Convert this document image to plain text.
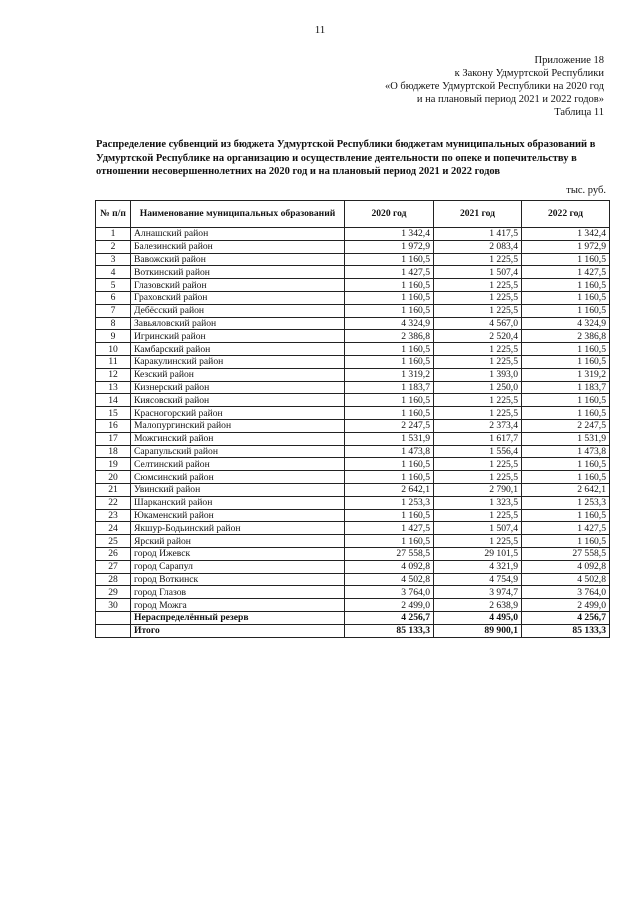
11
Приложение 18
к Закону Удмуртской Республики
«О бюджете Удмуртской Республики на 2020 год
и на плановый период 2021 и 2022 годов»
Таблица 11
Распределение субвенций из бюджета Удмуртской Республики бюджетам муниципальных образований в Удмуртской Республике на организацию и осуществление деятельности по опеке и попечительству в отношении несовершеннолетних на 2020 год и на плановый период 2021 и 2022 годов
тыс. руб.
№ п/п	Наименование муниципальных образований	2020 год	2021 год	2022 год
1	Алнашский район	1 342,4	1 417,5	1 342,4
2	Балезинский район	1 972,9	2 083,4	1 972,9
3	Вавожский район	1 160,5	1 225,5	1 160,5
4	Воткинский район	1 427,5	1 507,4	1 427,5
5	Глазовский район	1 160,5	1 225,5	1 160,5
6	Граховский район	1 160,5	1 225,5	1 160,5
7	Дебёсский район	1 160,5	1 225,5	1 160,5
8	Завьяловский район	4 324,9	4 567,0	4 324,9
9	Игринский район	2 386,8	2 520,4	2 386,8
10	Камбарский район	1 160,5	1 225,5	1 160,5
11	Каракулинский район	1 160,5	1 225,5	1 160,5
12	Кезский район	1 319,2	1 393,0	1 319,2
13	Кизнерский район	1 183,7	1 250,0	1 183,7
14	Киясовский район	1 160,5	1 225,5	1 160,5
15	Красногорский район	1 160,5	1 225,5	1 160,5
16	Малопургинский район	2 247,5	2 373,4	2 247,5
17	Можгинский район	1 531,9	1 617,7	1 531,9
18	Сарапульский район	1 473,8	1 556,4	1 473,8
19	Селтинский район	1 160,5	1 225,5	1 160,5
20	Сюмсинский район	1 160,5	1 225,5	1 160,5
21	Увинский район	2 642,1	2 790,1	2 642,1
22	Шарканский район	1 253,3	1 323,5	1 253,3
23	Юкаменский район	1 160,5	1 225,5	1 160,5
24	Якшур-Бодьинский район	1 427,5	1 507,4	1 427,5
25	Ярский район	1 160,5	1 225,5	1 160,5
26	город Ижевск	27 558,5	29 101,5	27 558,5
27	город Сарапул	4 092,8	4 321,9	4 092,8
28	город Воткинск	4 502,8	4 754,9	4 502,8
29	город Глазов	3 764,0	3 974,7	3 764,0
30	город Можга	2 499,0	2 638,9	2 499,0
	Нераспределённый резерв	4 256,7	4 495,0	4 256,7
	Итого	85 133,3	89 900,1	85 133,3
